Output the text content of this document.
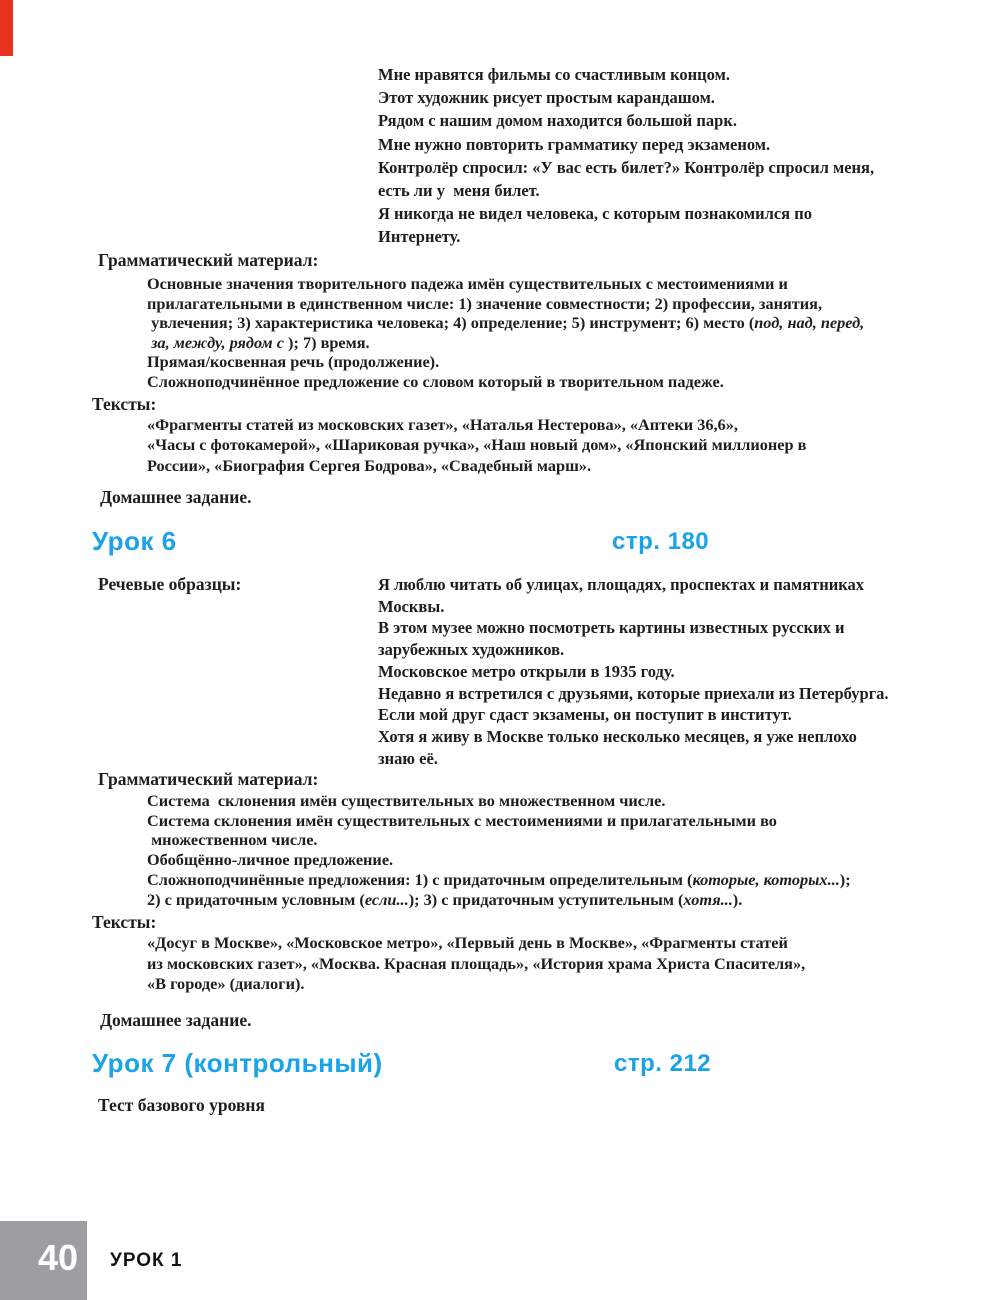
Мне нравятся фильмы со счастливым концом.
Этот художник рисует простым карандашом.
Рядом с нашим домом находится большой парк.
Мне нужно повторить грамматику перед экзаменом.
Контролёр спросил: «У вас есть билет?» Контролёр спросил меня,
есть ли у  меня билет.
Я никогда не видел человека, с которым познакомился по
Интернету.
Грамматический материал:
Основные значения творительного падежа имён существительных с местоимениями и
прилагательными в единственном числе: 1) значение совместности; 2) профессии, занятия,
увлечения; 3) характеристика человека; 4) определение; 5) инструмент; 6) место (под, над, перед,
за, между, рядом с ); 7) время.
Прямая/косвенная речь (продолжение).
Сложноподчинённое предложение со словом который в творительном падеже.
Тексты:
«Фрагменты статей из московских газет», «Наталья Нестерова», «Аптеки 36,6»,
«Часы с фотокамерой», «Шариковая ручка», «Наш новый дом», «Японский миллионер в
России», «Биография Сергея Бодрова», «Свадебный марш».
Домашнее задание.
Урок 6	стр. 180
Речевые образцы:	Я люблю читать об улицах, площадях, проспектах и памятниках
Москвы.
В этом музее можно посмотреть картины известных русских и
зарубежных художников.
Московское метро открыли в 1935 году.
Недавно я встретился с друзьями, которые приехали из Петербурга.
Если мой друг сдаст экзамены, он поступит в институт.
Хотя я живу в Москве только несколько месяцев, я уже неплохо
знаю её.
Грамматический материал:
Система  склонения имён существительных во множественном числе.
Система склонения имён существительных с местоимениями и прилагательными во
множественном числе.
Обобщённо-личное предложение.
Сложноподчинённые предложения: 1) с придаточным определительным (которые, которых...);
2) с придаточным условным (если...); 3) с придаточным уступительным (хотя...).
Тексты:
«Досуг в Москве», «Московское метро», «Первый день в Москве», «Фрагменты статей
из московских газет», «Москва. Красная площадь», «История храма Христа Спасителя»,
«В городе» (диалоги).
Домашнее задание.
Урок 7 (контрольный)	стр. 212
Тест базового уровня
40 УРОК 1
